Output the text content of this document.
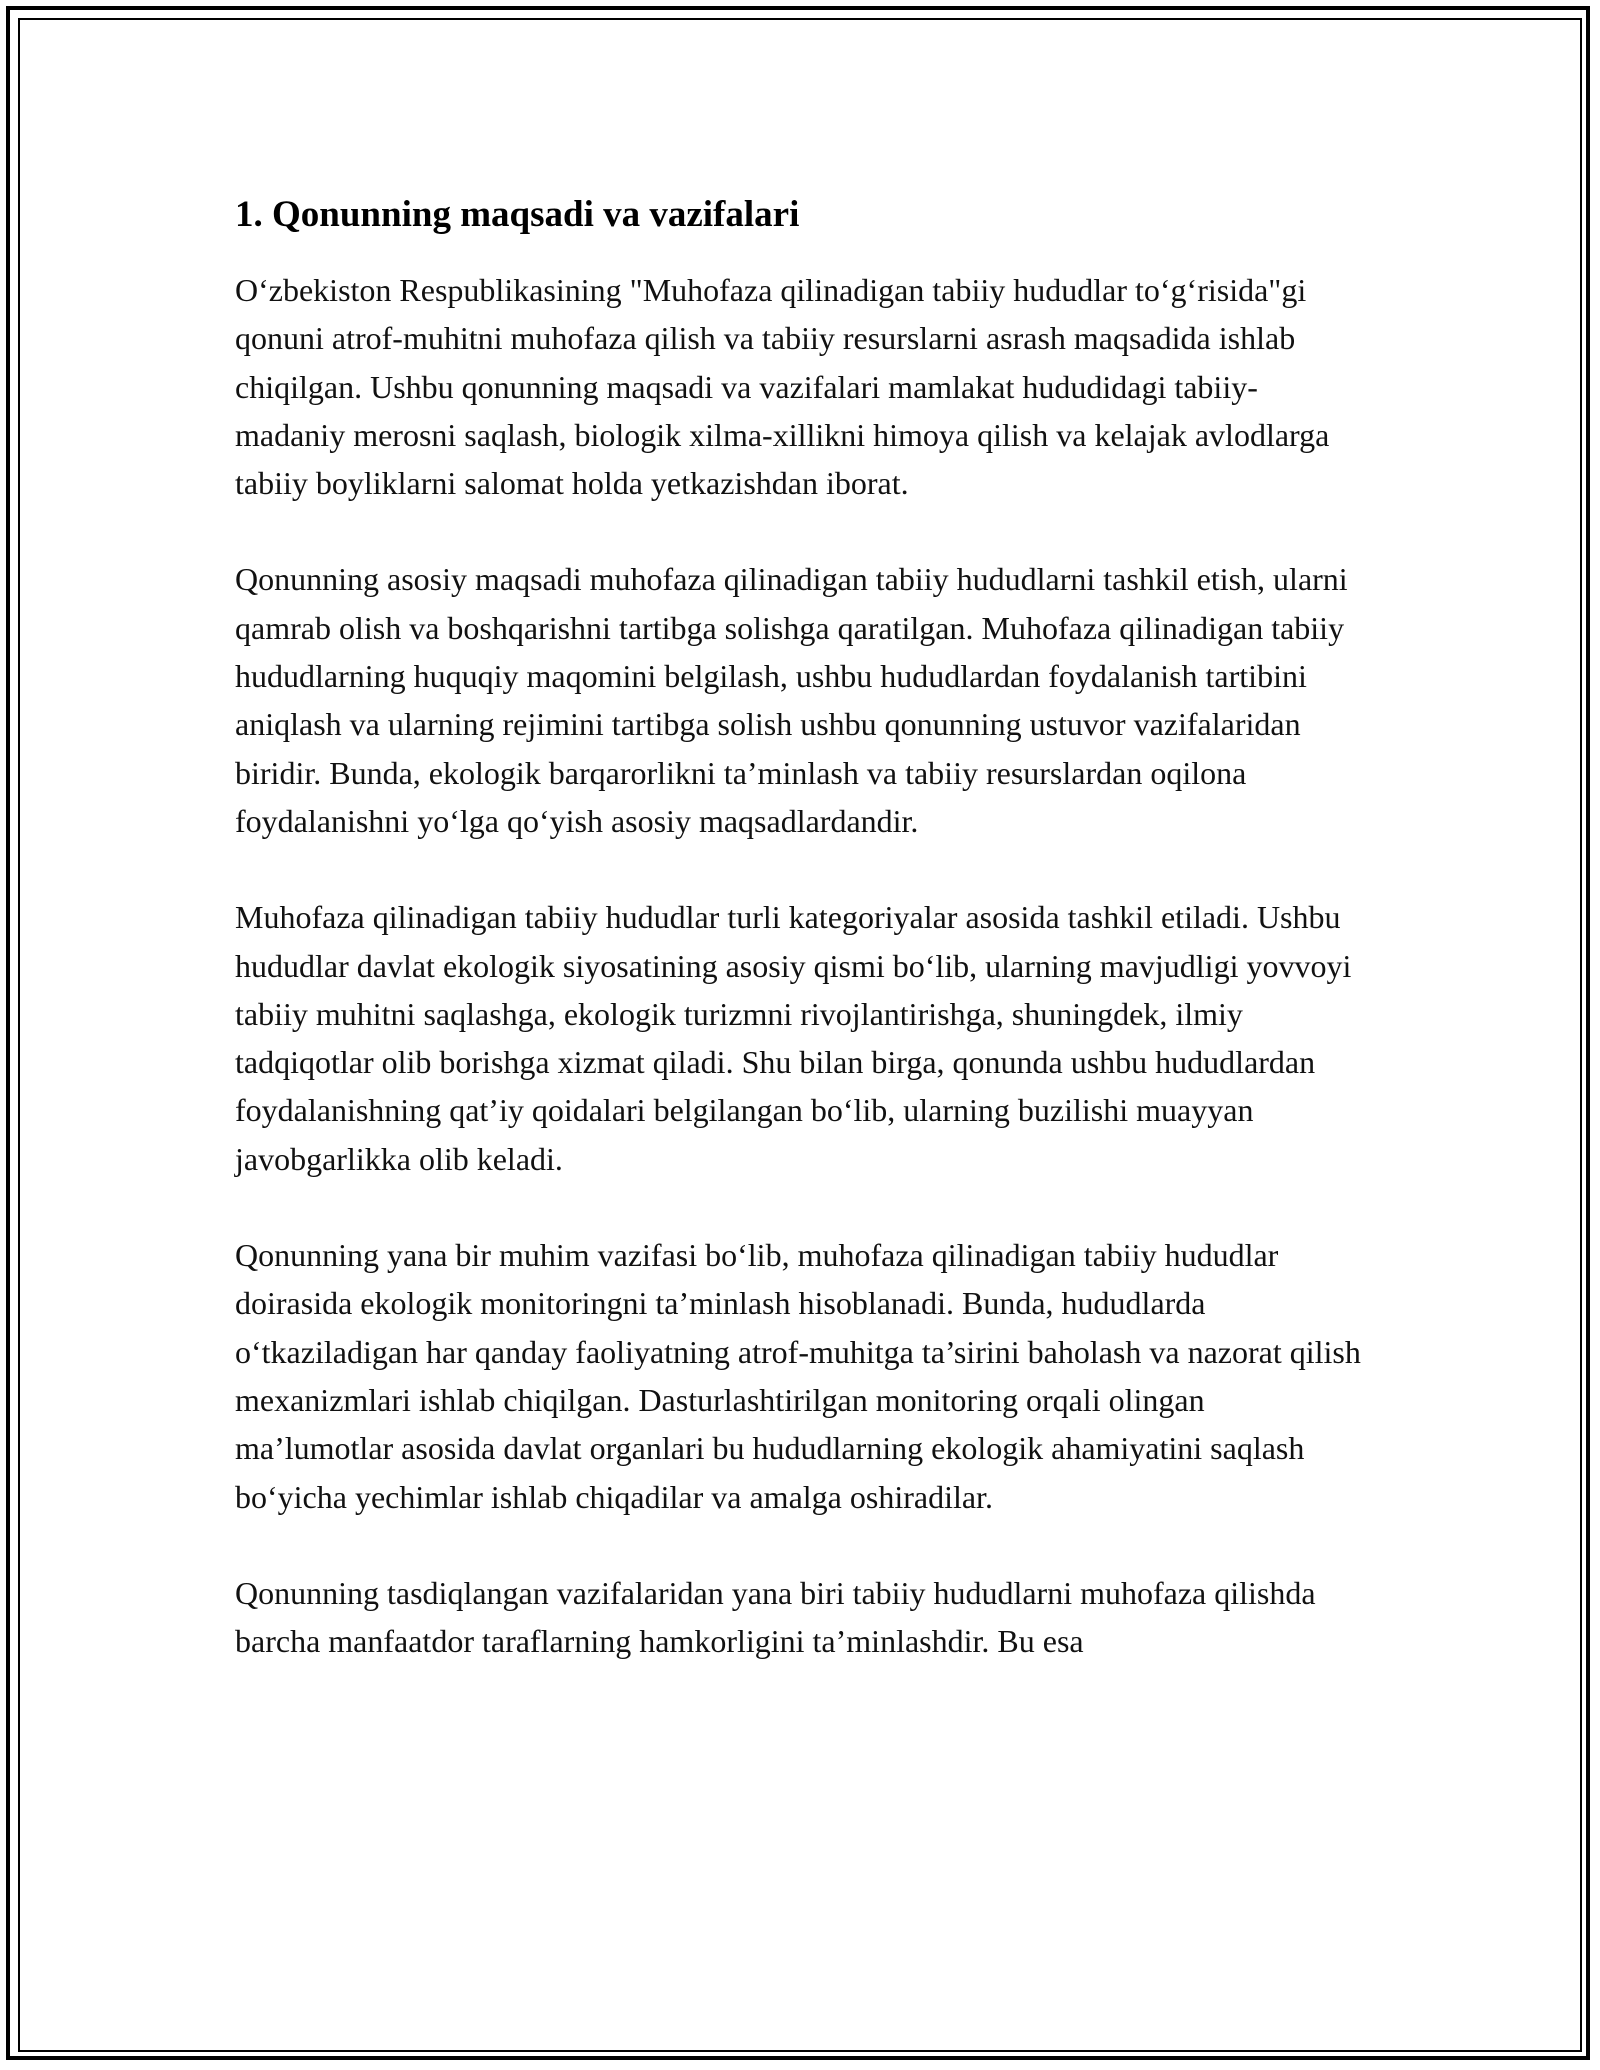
1. Qonunning maqsadi va vazifalari

O‘zbekiston Respublikasining "Muhofaza qilinadigan tabiiy hududlar to‘g‘risida"gi qonuni atrof-muhitni muhofaza qilish va tabiiy resurslarni asrash maqsadida ishlab chiqilgan. Ushbu qonunning maqsadi va vazifalari mamlakat hududidagi tabiiy-madaniy merosni saqlash, biologik xilma-xillikni himoya qilish va kelajak avlodlarga tabiiy boyliklarni salomat holda yetkazishdan iborat.

Qonunning asosiy maqsadi muhofaza qilinadigan tabiiy hududlarni tashkil etish, ularni qamrab olish va boshqarishni tartibga solishga qaratilgan. Muhofaza qilinadigan tabiiy hududlarning huquqiy maqomini belgilash, ushbu hududlardan foydalanish tartibini aniqlash va ularning rejimini tartibga solish ushbu qonunning ustuvor vazifalaridan biridir. Bunda, ekologik barqarorlikni ta’minlash va tabiiy resurslardan oqilona foydalanishni yo‘lga qo‘yish asosiy maqsadlardandir.

Muhofaza qilinadigan tabiiy hududlar turli kategoriyalar asosida tashkil etiladi. Ushbu hududlar davlat ekologik siyosatining asosiy qismi bo‘lib, ularning mavjudligi yovvoyi tabiiy muhitni saqlashga, ekologik turizmni rivojlantirishga, shuningdek, ilmiy tadqiqotlar olib borishga xizmat qiladi. Shu bilan birga, qonunda ushbu hududlardan foydalanishning qat’iy qoidalari belgilangan bo‘lib, ularning buzilishi muayyan javobgarlikka olib keladi.

Qonunning yana bir muhim vazifasi bo‘lib, muhofaza qilinadigan tabiiy hududlar doirasida ekologik monitoringni ta’minlash hisoblanadi. Bunda, hududlarda o‘tkaziladigan har qanday faoliyatning atrof-muhitga ta’sirini baholash va nazorat qilish mexanizmlari ishlab chiqilgan. Dasturlashtirilgan monitoring orqali olingan ma’lumotlar asosida davlat organlari bu hududlarning ekologik ahamiyatini saqlash bo‘yicha yechimlar ishlab chiqadilar va amalga oshiradilar.

Qonunning tasdiqlangan vazifalaridan yana biri tabiiy hududlarni muhofaza qilishda barcha manfaatdor taraflarning hamkorligini ta’minlashdir. Bu esa
